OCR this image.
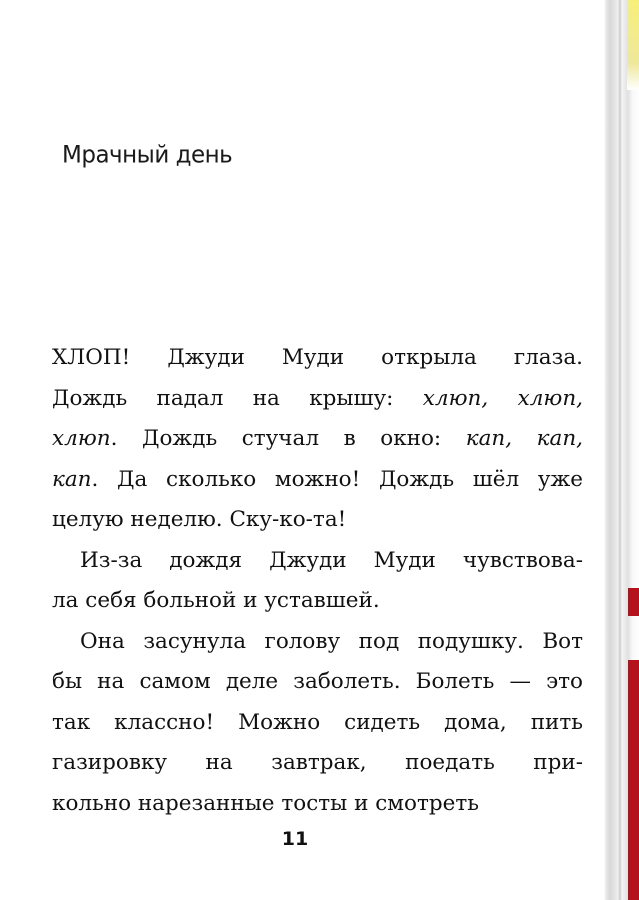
Мрачный день
ХЛОП! Джуди Муди открыла глаза.
Дождь падал на крышу: хлюп, хлюп,
хлюп. Дождь стучал в окно: кап, кап,
кап. Да сколько можно! Дождь шёл уже
целую неделю. Ску-ко-та!
Из-за дождя Джуди Муди чувствова-
ла себя больной и уставшей.
Она засунула голову под подушку. Вот
бы на самом деле заболеть. Болеть — это
так классно! Можно сидеть дома, пить
газировку на завтрак, поедать при-
кольно нарезанные тосты и смотреть
11
